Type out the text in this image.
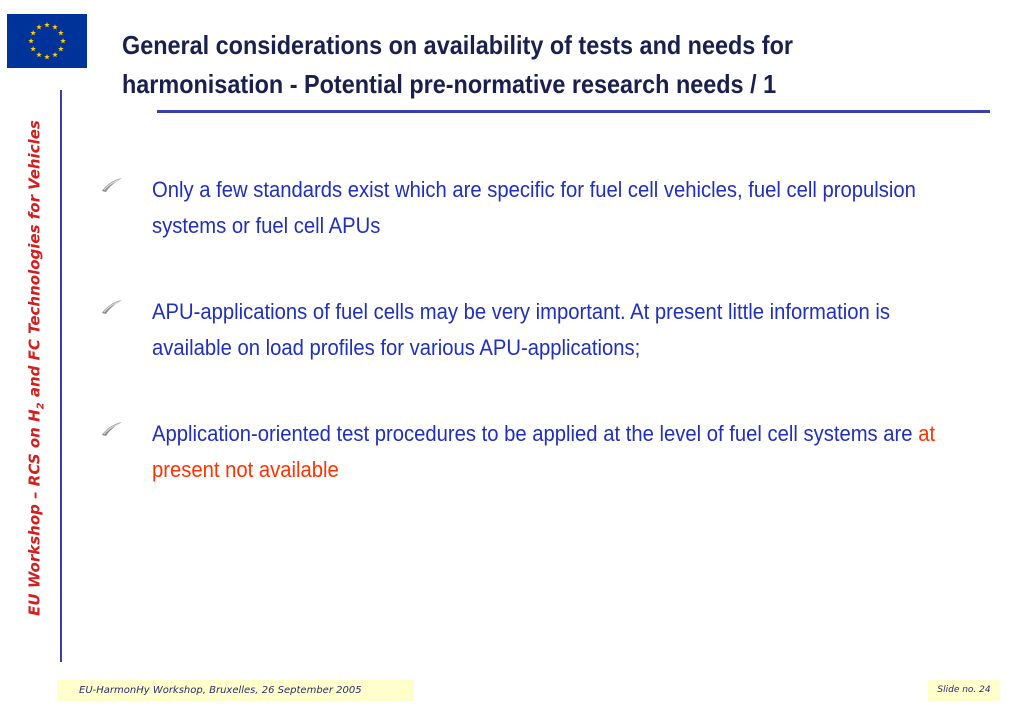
General considerations on availability of tests and needs for
harmonisation - Potential pre-normative research needs / 1
EU Workshop – RCS on $H_2$ and FC Technologies for Vehicles	Only a few standards exist which are specific for fuel cell vehicles, fuel cell propulsion systems or fuel cell APUs
APU-applications of fuel cells may be very important. At present little information is available on load profiles for various APU-applications;
Application-oriented test procedures to be applied at the level of fuel cell systems are at present not available
EU-HarmonHy Workshop, Bruxelles, 26 September 2005	Slide no. 24
